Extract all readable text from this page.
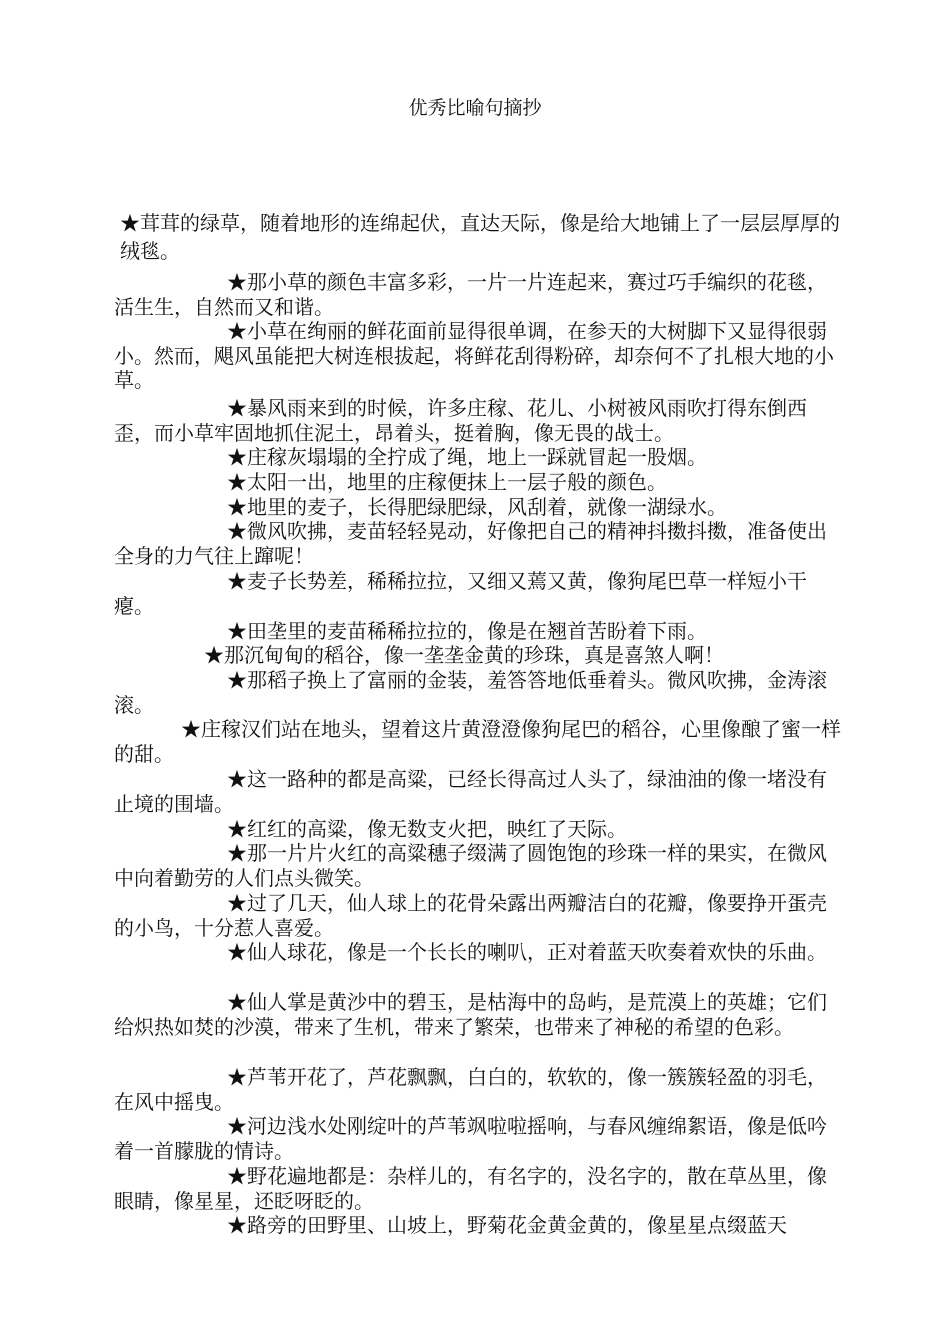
优秀比喻句摘抄
★茸茸的绿草，随着地形的连绵起伏，直达天际，像是给大地铺上了一层层厚厚的绒毯。
★那小草的颜色丰富多彩，一片一片连起来，赛过巧手编织的花毯，活生生，自然而又和谐。
★小草在绚丽的鲜花面前显得很单调，在参天的大树脚下又显得很弱小。然而，飓风虽能把大树连根拔起，将鲜花刮得粉碎，却奈何不了扎根大地的小草。
★暴风雨来到的时候，许多庄稼、花儿、小树被风雨吹打得东倒西歪，而小草牢固地抓住泥土，昂着头，挺着胸，像无畏的战士。
★庄稼灰塌塌的全拧成了绳，地上一踩就冒起一股烟。
★太阳一出，地里的庄稼便抹上一层子般的颜色。
★地里的麦子，长得肥绿肥绿，风刮着，就像一湖绿水。
★微风吹拂，麦苗轻轻晃动，好像把自己的精神抖擞抖擞，准备使出全身的力气往上蹿呢！
★麦子长势差，稀稀拉拉，又细又蔫又黄，像狗尾巴草一样短小干瘪。
★田垄里的麦苗稀稀拉拉的，像是在翘首苦盼着下雨。
★那沉甸甸的稻谷，像一垄垄金黄的珍珠，真是喜煞人啊！
★那稻子换上了富丽的金装，羞答答地低垂着头。微风吹拂，金涛滚滚。
★庄稼汉们站在地头，望着这片黄澄澄像狗尾巴的稻谷，心里像酿了蜜一样的甜。
★这一路种的都是高粱，已经长得高过人头了，绿油油的像一堵没有止境的围墙。
★红红的高粱，像无数支火把，映红了天际。
★那一片片火红的高粱穗子缀满了圆饱饱的珍珠一样的果实，在微风中向着勤劳的人们点头微笑。
★过了几天，仙人球上的花骨朵露出两瓣洁白的花瓣，像要挣开蛋壳的小鸟，十分惹人喜爱。
★仙人球花，像是一个长长的喇叭，正对着蓝天吹奏着欢快的乐曲。
★仙人掌是黄沙中的碧玉，是枯海中的岛屿，是荒漠上的英雄；它们给炽热如焚的沙漠，带来了生机，带来了繁荣，也带来了神秘的希望的色彩。
★芦苇开花了，芦花飘飘，白白的，软软的，像一簇簇轻盈的羽毛，在风中摇曳。
★河边浅水处刚绽叶的芦苇飒啦啦摇响，与春风缠绵絮语，像是低吟着一首朦胧的情诗。
★野花遍地都是：杂样儿的，有名字的，没名字的，散在草丛里，像眼睛，像星星，还眨呀眨的。
★路旁的田野里、山坡上，野菊花金黄金黄的，像星星点缀蓝天
